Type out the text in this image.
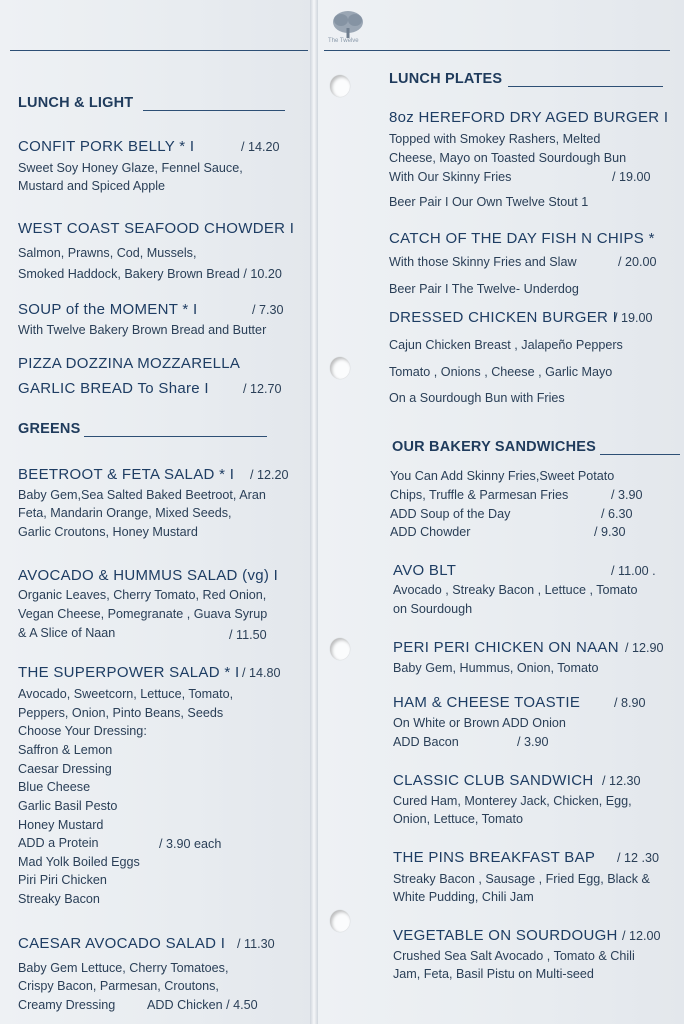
The Twelve
LUNCH & LIGHT
CONFIT PORK BELLY * I	/ 14.20
Sweet Soy Honey Glaze, Fennel Sauce,
Mustard and Spiced Apple
WEST COAST SEAFOOD CHOWDER I
Salmon, Prawns, Cod, Mussels,
Smoked Haddock, Bakery Brown Bread / 10.20
SOUP of the MOMENT * I	/ 7.30
With Twelve Bakery Brown Bread and Butter
PIZZA DOZZINA MOZZARELLA
GARLIC BREAD To Share I	/ 12.70
GREENS
BEETROOT & FETA SALAD * I / 12.20
Baby Gem,Sea Salted Baked Beetroot, Aran
Feta, Mandarin Orange, Mixed Seeds,
Garlic Croutons, Honey Mustard
AVOCADO & HUMMUS SALAD (vg) I
Organic Leaves, Cherry Tomato, Red Onion,
Vegan Cheese, Pomegranate , Guava Syrup
& A Slice of Naan	/ 11.50
THE SUPERPOWER SALAD * I / 14.80
Avocado, Sweetcorn, Lettuce, Tomato,
Peppers, Onion, Pinto Beans, Seeds
Choose Your Dressing:
Saffron & Lemon
Caesar Dressing
Blue Cheese
Garlic Basil Pesto
Honey Mustard
ADD a Protein	/ 3.90 each
Mad Yolk Boiled Eggs
Piri Piri Chicken
Streaky Bacon
CAESAR AVOCADO SALAD I / 11.30
Baby Gem Lettuce, Cherry Tomatoes,
Crispy Bacon, Parmesan, Croutons,
Creamy Dressing	ADD Chicken / 4.50
LUNCH PLATES
8oz HEREFORD DRY AGED BURGER I
Topped with Smokey Rashers, Melted
Cheese, Mayo on Toasted Sourdough Bun
With Our Skinny Fries	/ 19.00
Beer Pair I Our Own Twelve Stout 1
CATCH OF THE DAY FISH N CHIPS *
With those Skinny Fries and Slaw	/ 20.00
Beer Pair I The Twelve- Underdog
DRESSED CHICKEN BURGER I
/ 19.00
Cajun Chicken Breast , Jalapeño Peppers
Tomato , Onions , Cheese , Garlic Mayo
On a Sourdough Bun with Fries
OUR BAKERY SANDWICHES
You Can Add Skinny Fries,Sweet Potato
Chips, Truffle & Parmesan Fries	/ 3.90
ADD Soup of the Day	/ 6.30
ADD Chowder	/ 9.30
AVO BLT	/ 11.00 .
Avocado , Streaky Bacon , Lettuce , Tomato
on Sourdough
PERI PERI CHICKEN ON NAAN / 12.90
Baby Gem, Hummus, Onion, Tomato
HAM & CHEESE TOASTIE	/ 8.90
On White or Brown ADD Onion
ADD Bacon	/ 3.90
CLASSIC CLUB SANDWICH / 12.30
Cured Ham, Monterey Jack, Chicken, Egg,
Onion, Lettuce, Tomato
THE PINS BREAKFAST BAP / 12 .30
Streaky Bacon , Sausage , Fried Egg, Black &
White Pudding, Chili Jam
VEGETABLE ON SOURDOUGH / 12.00
Crushed Sea Salt Avocado , Tomato & Chili
Jam, Feta, Basil Pistu on Multi-seed
